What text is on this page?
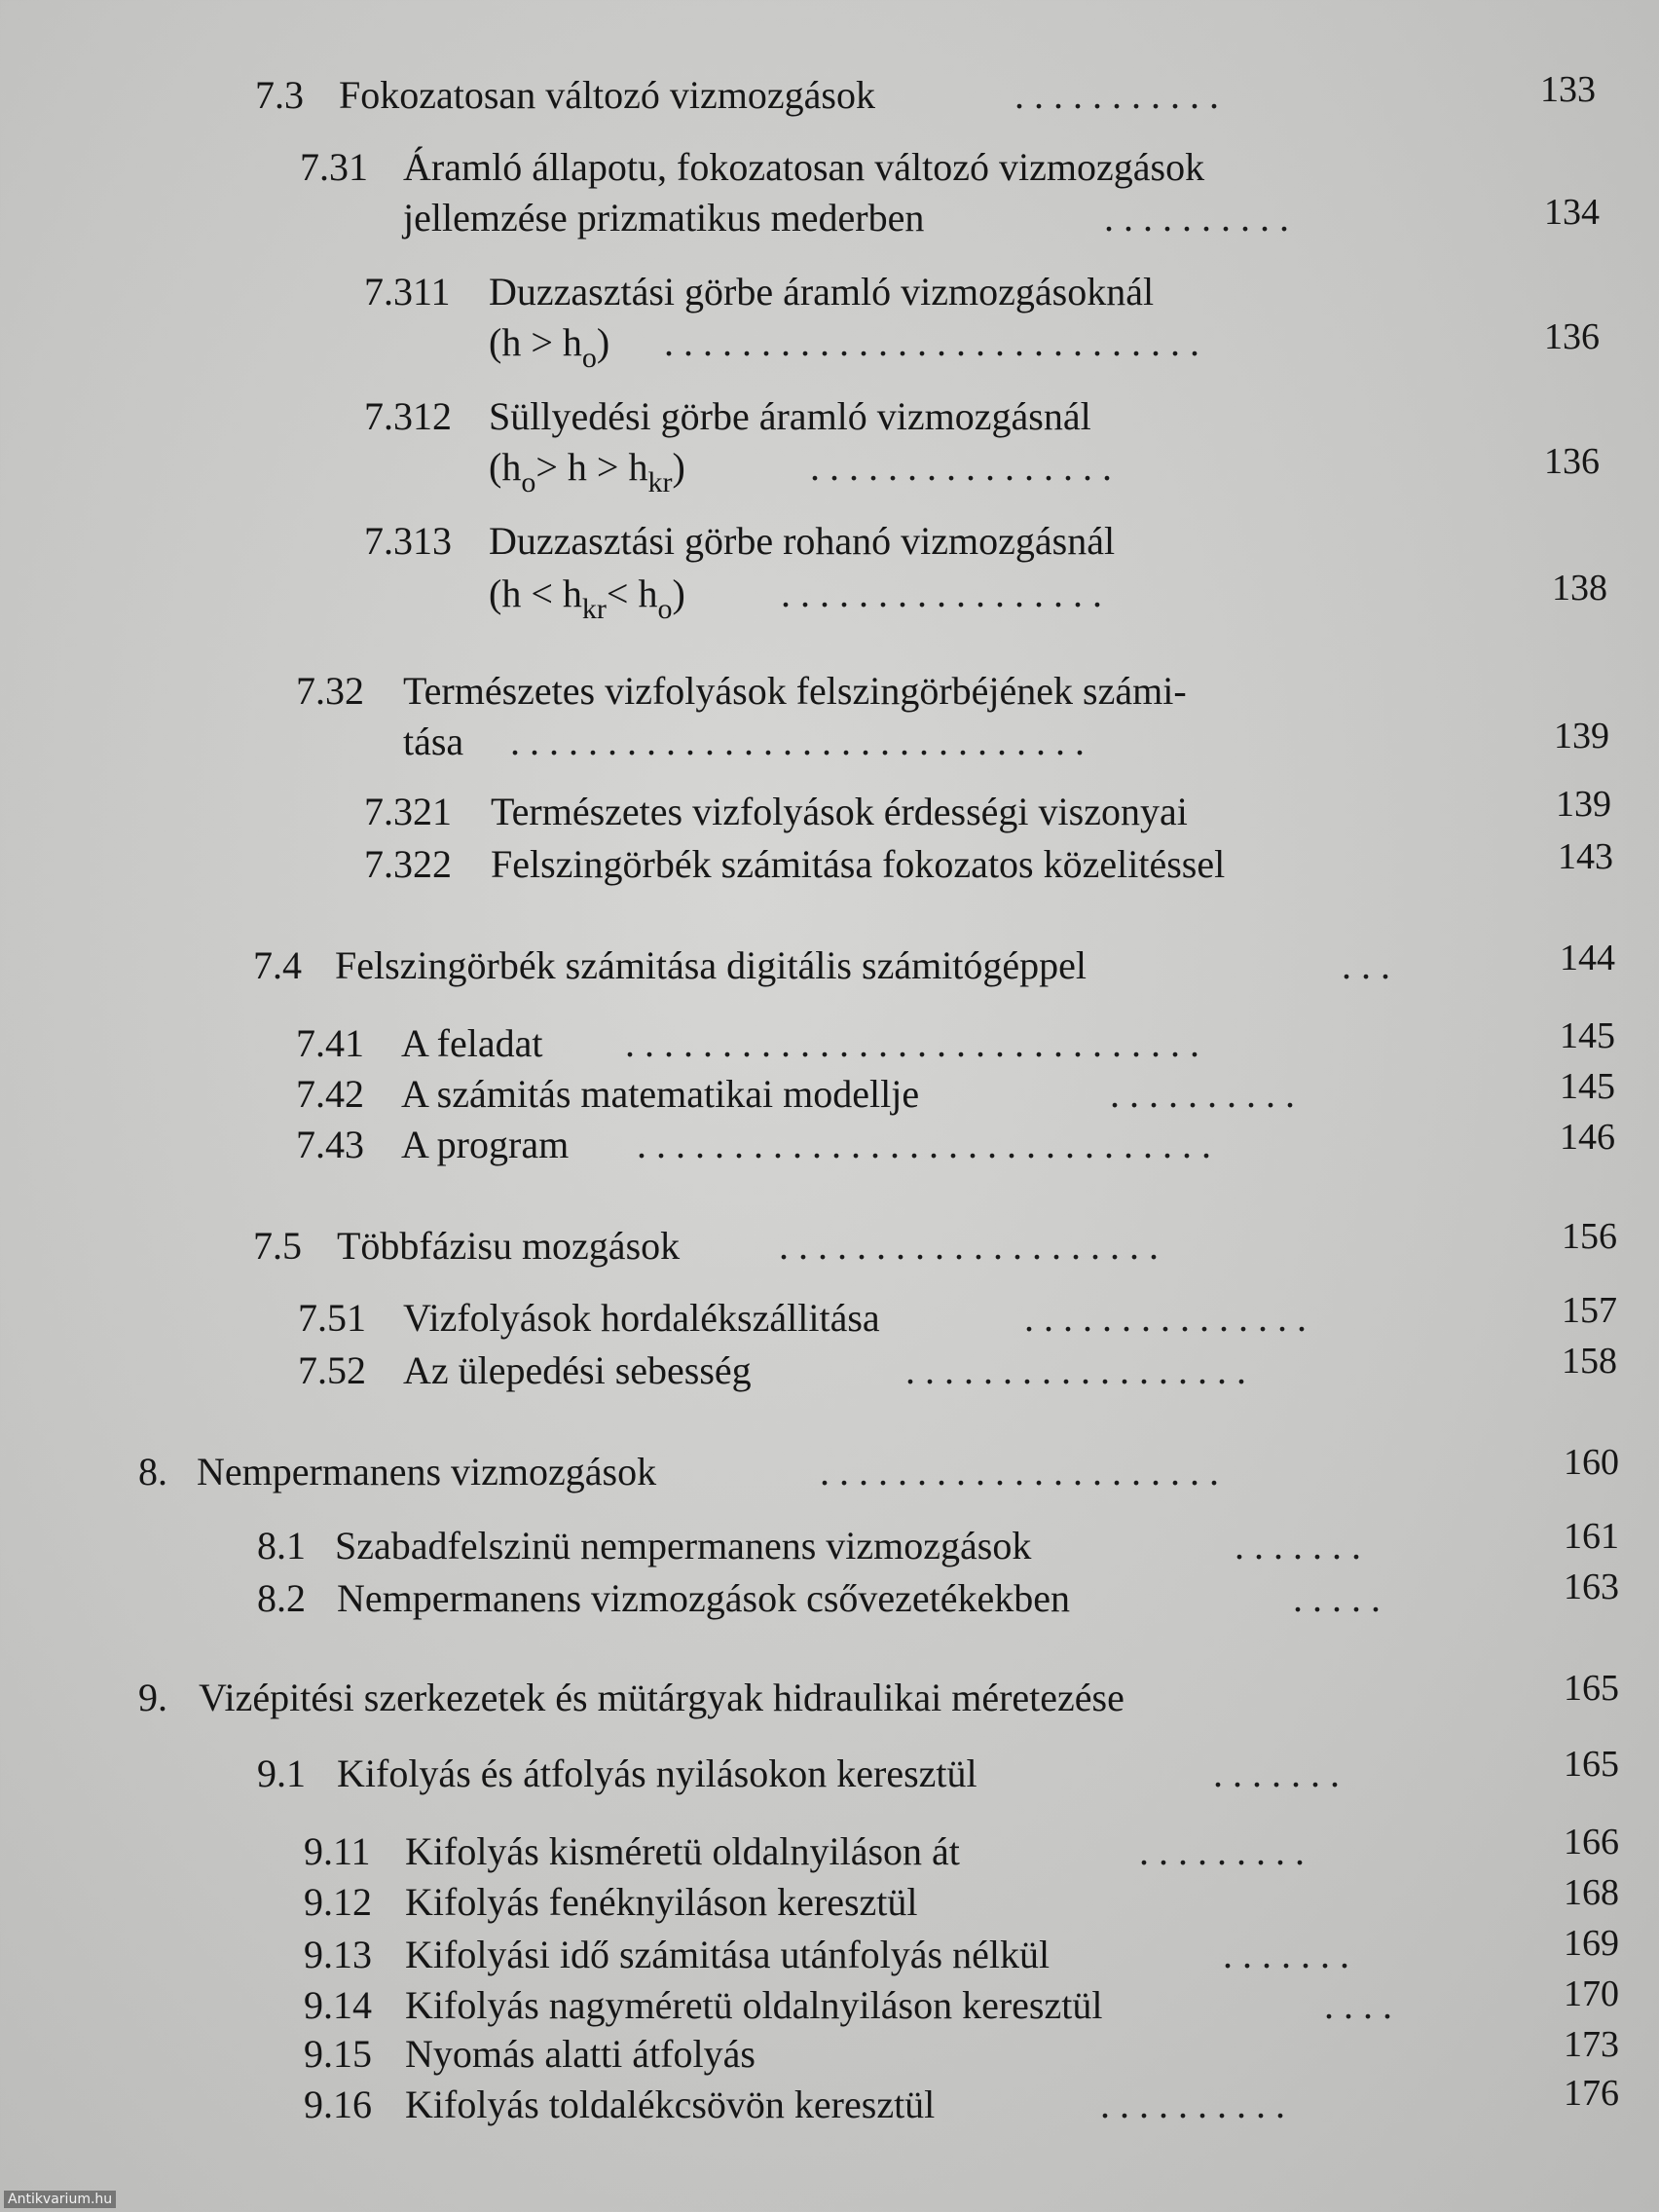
7.3 Fokozatosan változó vizmozgások	. . . . . . . . . . .	133
7.31 Áramló állapotu, fokozatosan változó vizmozgások
jellemzése prizmatikus mederben	. . . . . . . . . .	134
7.311 Duzzasztási görbe áramló vizmozgásoknál
$(h > h_o)$ . . . . . . . . . . . . . . . . . . . . . . . . . . . .	136
7.312 Süllyedési görbe áramló vizmozgásnál
$(h_o> h > h_{kr})$	. . . . . . . . . . . . . . . .	136
7.313 Duzzasztási görbe rohanó vizmozgásnál
$(h < h_{kr}< h_o)$ . . . . . . . . . . . . . . . . .	138
7.32 Természetes vizfolyások felszingörbéjének számi-
tása . . . . . . . . . . . . . . . . . . . . . . . . . . . . . .	139
7.321 Természetes vizfolyások érdességi viszonyai	139
7.322 Felszingörbék számitása fokozatos közelitéssel	143
7.4 Felszingörbék számitása digitális számitógéppel	. . .	144
7.41 A feladat . . . . . . . . . . . . . . . . . . . . . . . . . . . . . .	145
7.42 A számitás matematikai modellje	. . . . . . . . . .	145
7.43 A program . . . . . . . . . . . . . . . . . . . . . . . . . . . . . .	146
7.5 Többfázisu mozgások	. . . . . . . . . . . . . . . . . . . .	156
7.51 Vizfolyások hordalékszállitása	. . . . . . . . . . . . . . .	157
7.52 Az ülepedési sebesség	. . . . . . . . . . . . . . . . . .	158
8. Nempermanens vizmozgások	. . . . . . . . . . . . . . . . . . . . .	160
8.1 Szabadfelszinü nempermanens vizmozgások	. . . . . . .	161
8.2 Nempermanens vizmozgások csővezetékekben	. . . . .	163
9. Vizépitési szerkezetek és mütárgyak hidraulikai méretezése	165
9.1 Kifolyás és átfolyás nyilásokon keresztül	. . . . . . .	165
9.11 Kifolyás kisméretü oldalnyiláson át	. . . . . . . . .	166
9.12 Kifolyás fenéknyiláson keresztül	168
9.13 Kifolyási idő számitása utánfolyás nélkül	. . . . . . .	169
9.14 Kifolyás nagyméretü oldalnyiláson keresztül	. . . .	170
9.15 Nyomás alatti átfolyás	173
9.16 Kifolyás toldalékcsövön keresztül	. . . . . . . . . .	176
Antikvarium.hu
